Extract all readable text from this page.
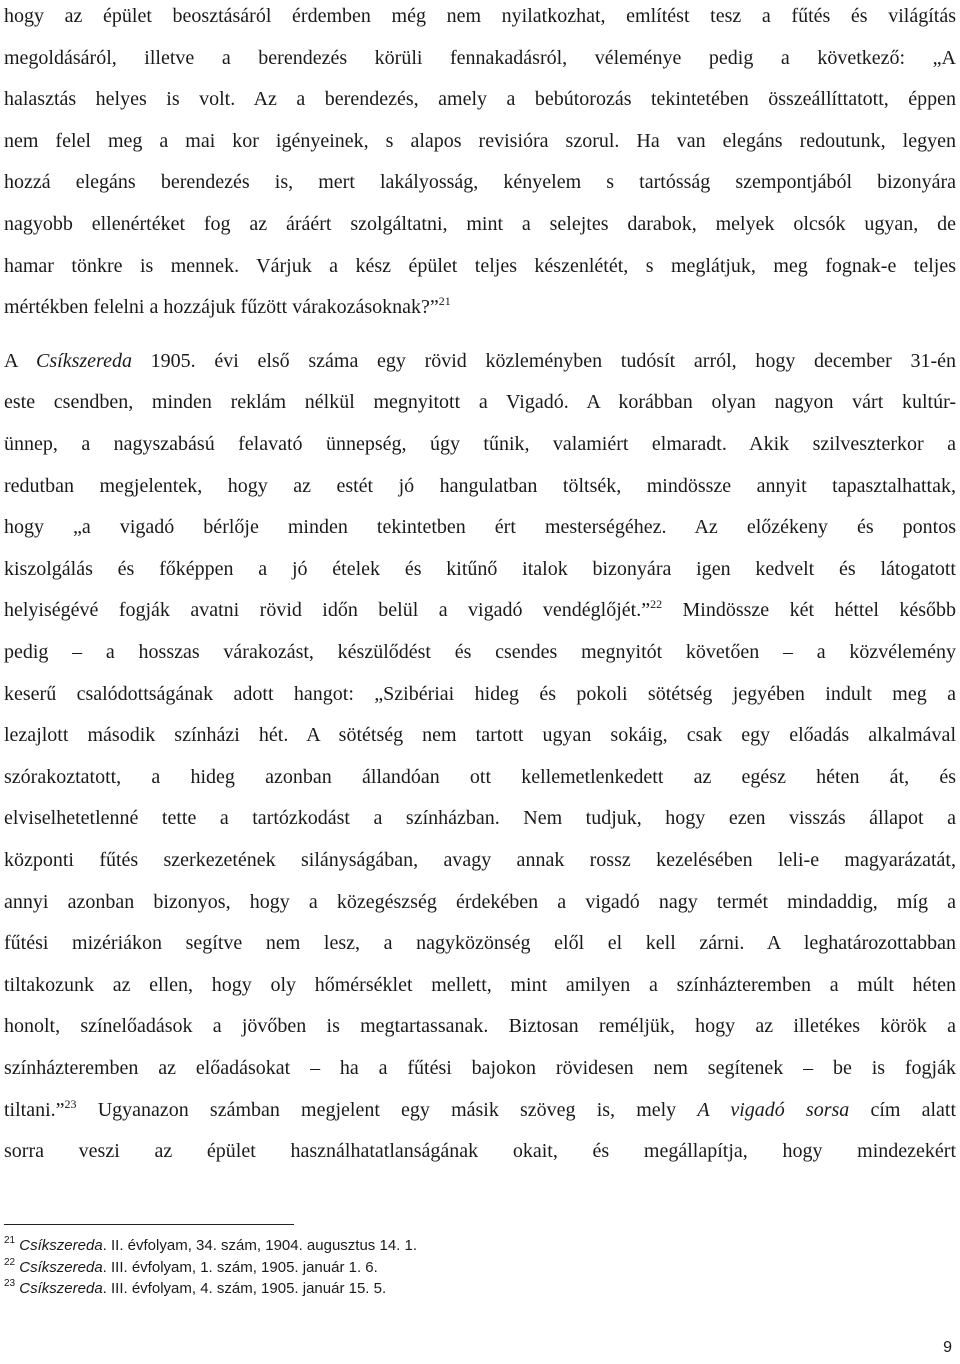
hogy az épület beosztásáról érdemben még nem nyilatkozhat, említést tesz a fűtés és világítás
megoldásáról, illetve a berendezés körüli fennakadásról, véleménye pedig a következő: „A
halasztás helyes is volt. Az a berendezés, amely a bebútorozás tekintetében összeállíttatott, éppen
nem felel meg a mai kor igényeinek, s alapos revisióra szorul. Ha van elegáns redoutunk, legyen
hozzá elegáns berendezés is, mert lakályosság, kényelem s tartósság szempontjából bizonyára
nagyobb ellenértéket fog az áráért szolgáltatni, mint a selejtes darabok, melyek olcsók ugyan, de
hamar tönkre is mennek. Várjuk a kész épület teljes készenlétét, s meglátjuk, meg fognak-e teljes
mértékben felelni a hozzájuk fűzött várakozásoknak?”$^{21}$
A Csíkszereda 1905. évi első száma egy rövid közleményben tudósít arról, hogy december 31-én
este csendben, minden reklám nélkül megnyitott a Vigadó. A korábban olyan nagyon várt kultúr-
ünnep, a nagyszabású felavató ünnepség, úgy tűnik, valamiért elmaradt. Akik szilveszterkor a
redutban megjelentek, hogy az estét jó hangulatban töltsék, mindössze annyit tapasztalhattak,
hogy „a vigadó bérlője minden tekintetben ért mesterségéhez. Az előzékeny és pontos
kiszolgálás és főképpen a jó ételek és kitűnő italok bizonyára igen kedvelt és látogatott
helyiségévé fogják avatni rövid időn belül a vigadó vendéglőjét.”$^{22}$ Mindössze két héttel később
pedig – a hosszas várakozást, készülődést és csendes megnyitót követően – a közvélemény
keserű csalódottságának adott hangot: „Szibériai hideg és pokoli sötétség jegyében indult meg a
lezajlott második színházi hét. A sötétség nem tartott ugyan sokáig, csak egy előadás alkalmával
szórakoztatott, a hideg azonban állandóan ott kellemetlenkedett az egész héten át, és
elviselhetetlenné tette a tartózkodást a színházban. Nem tudjuk, hogy ezen visszás állapot a
központi fűtés szerkezetének silányságában, avagy annak rossz kezelésében leli-e magyarázatát,
annyi azonban bizonyos, hogy a közegészség érdekében a vigadó nagy termét mindaddig, míg a
fűtési mizériákon segítve nem lesz, a nagyközönség elől el kell zárni. A leghatározottabban
tiltakozunk az ellen, hogy oly hőmérséklet mellett, mint amilyen a színházteremben a múlt héten
honolt, színelőadások a jövőben is megtartassanak. Biztosan reméljük, hogy az illetékes körök a
színházteremben az előadásokat – ha a fűtési bajokon rövidesen nem segítenek – be is fogják
tiltani.”$^{23}$ Ugyanazon számban megjelent egy másik szöveg is, mely A vigadó sorsa cím alatt
sorra veszi az épület használhatatlanságának okait, és megállapítja, hogy mindezekért
$^{21}$ Csíkszereda. II. évfolyam, 34. szám, 1904. augusztus 14. 1.
$^{22}$ Csíkszereda. III. évfolyam, 1. szám, 1905. január 1. 6.
$^{23}$ Csíkszereda. III. évfolyam, 4. szám, 1905. január 15. 5.
9
